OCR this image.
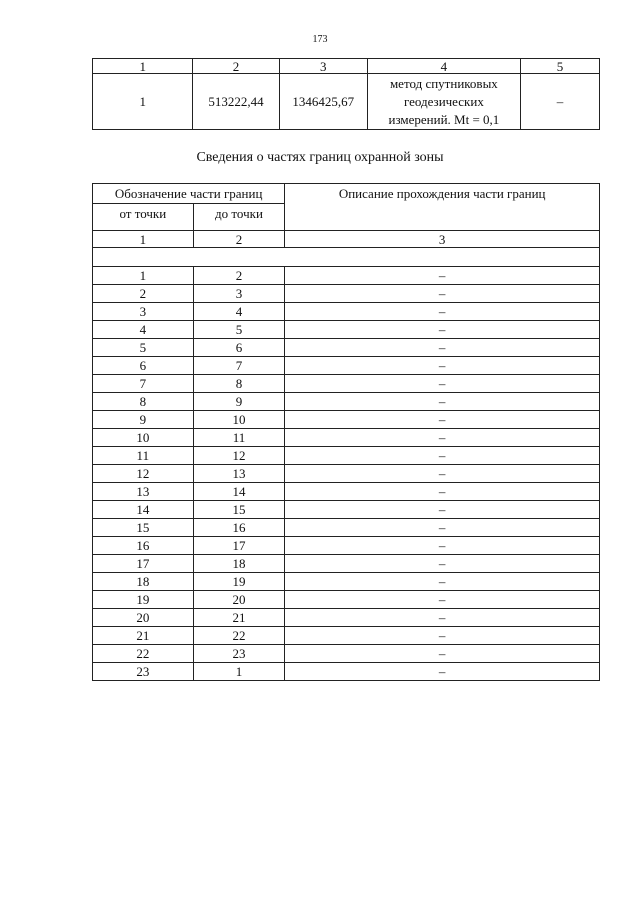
173
1	2	3	4	5
1	513222,44	1346425,67	метод спутниковых
геодезических
измерений. Mt = 0,1	–
Сведения о частях границ охранной зоны
Обозначение части границ		Описание прохождения части границ
от точки	до точки	
1	2	3

1	2	–
2	3	–
3	4	–
4	5	–
5	6	–
6	7	–
7	8	–
8	9	–
9	10	–
10	11	–
11	12	–
12	13	–
13	14	–
14	15	–
15	16	–
16	17	–
17	18	–
18	19	–
19	20	–
20	21	–
21	22	–
22	23	–
23	1	–
